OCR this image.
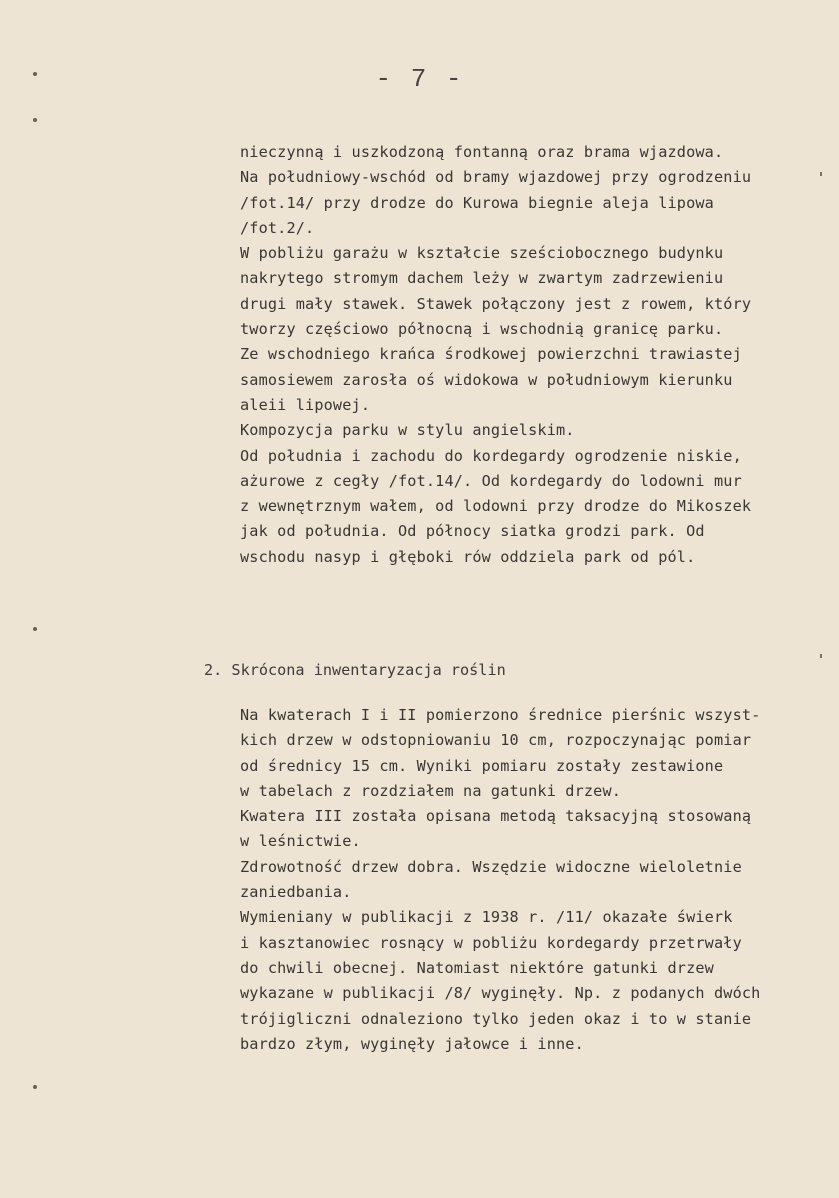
- 7 -
nieczynną i uszkodzoną fontanną oraz brama wjazdowa.
Na południowy-wschód od bramy wjazdowej przy ogrodzeniu
/fot.14/ przy drodze do Kurowa biegnie aleja lipowa
/fot.2/.
W pobliżu garażu w kształcie sześciobocznego budynku
nakrytego stromym dachem leży w zwartym zadrzewieniu
drugi mały stawek. Stawek połączony jest z rowem, który
tworzy częściowo północną i wschodnią granicę parku.
Ze wschodniego krańca środkowej powierzchni trawiastej
samosiewem zarosła oś widokowa w południowym kierunku
aleii lipowej.
Kompozycja parku w stylu angielskim.
Od południa i zachodu do kordegardy ogrodzenie niskie,
ażurowe z cegły /fot.14/. Od kordegardy do lodowni mur
z wewnętrznym wałem, od lodowni przy drodze do Mikoszek
jak od południa. Od północy siatka grodzi park. Od
wschodu nasyp i głęboki rów oddziela park od pól.
2. Skrócona inwentaryzacja roślin
Na kwaterach I i II pomierzono średnice pierśnic wszyst-
kich drzew w odstopniowaniu 10 cm, rozpoczynając pomiar
od średnicy 15 cm. Wyniki pomiaru zostały zestawione
w tabelach z rozdziałem na gatunki drzew.
Kwatera III została opisana metodą taksacyjną stosowaną
w leśnictwie.
Zdrowotność drzew dobra. Wszędzie widoczne wieloletnie
zaniedbania.
Wymieniany w publikacji z 1938 r. /11/ okazałe świerk
i kasztanowiec rosnący w pobliżu kordegardy przetrwały
do chwili obecnej. Natomiast niektóre gatunki drzew
wykazane w publikacji /8/ wyginęły. Np. z podanych dwóch
trójigliczni odnaleziono tylko jeden okaz i to w stanie
bardzo złym, wyginęły jałowce i inne.
